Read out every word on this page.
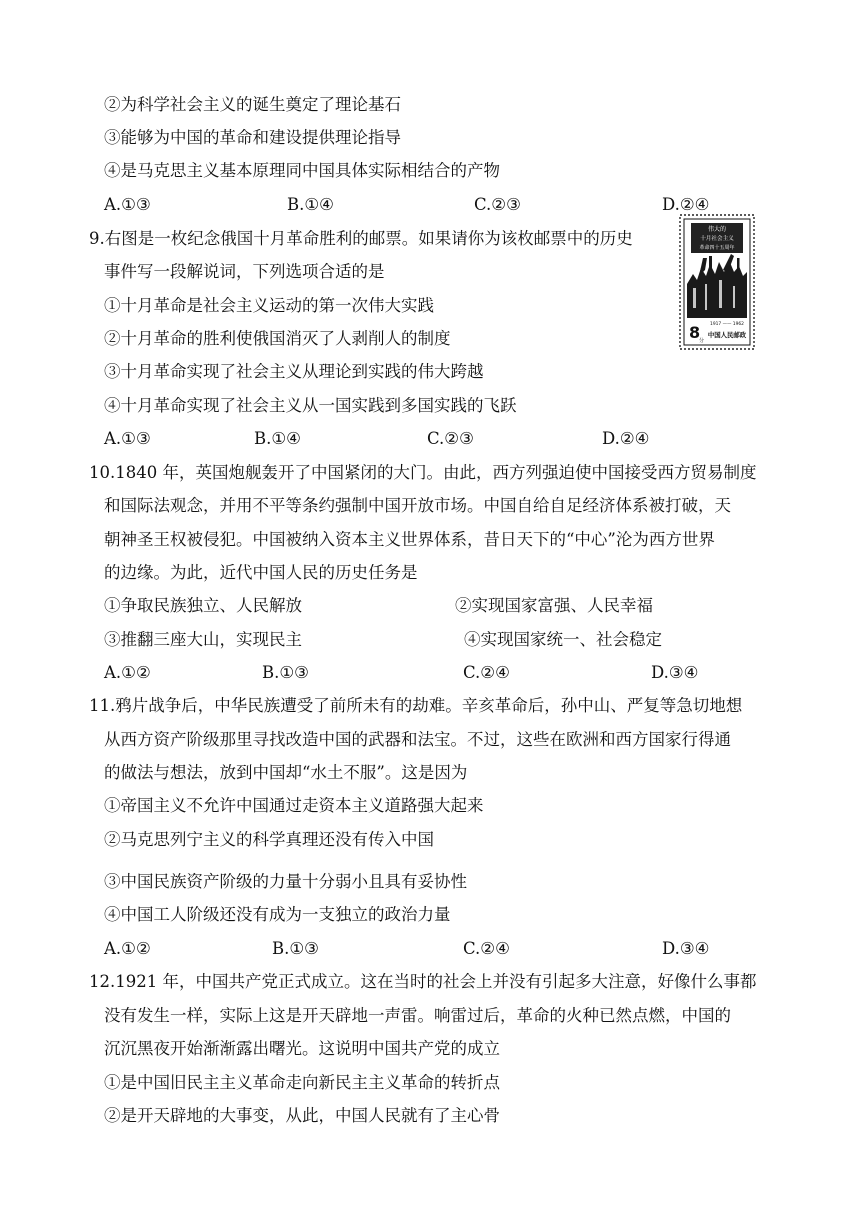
②为科学社会主义的诞生奠定了理论基石
③能够为中国的革命和建设提供理论指导
④是马克思主义基本原理同中国具体实际相结合的产物
A.①③	B.①④	C.②③	D.②④
9.右图是一枚纪念俄国十月革命胜利的邮票。如果请你为该枚邮票中的历史
事件写一段解说词，下列选项合适的是
①十月革命是社会主义运动的第一次伟大实践
②十月革命的胜利使俄国消灭了人剥削人的制度
③十月革命实现了社会主义从理论到实践的伟大跨越
④十月革命实现了社会主义从一国实践到多国实践的飞跃
A.①③	B.①④	C.②③	D.②④
伟大的
十月社会主义
革命四十五周年
8
分
1917 —— 1962
中国人民邮政
10.1840 年，英国炮舰轰开了中国紧闭的大门。由此，西方列强迫使中国接受西方贸易制度
和国际法观念，并用不平等条约强制中国开放市场。中国自给自足经济体系被打破，天
朝神圣王权被侵犯。中国被纳入资本主义世界体系，昔日天下的“中心”沦为西方世界
的边缘。为此，近代中国人民的历史任务是
①争取民族独立、人民解放	②实现国家富强、人民幸福
③推翻三座大山，实现民主	④实现国家统一、社会稳定
A.①②	B.①③	C.②④	D.③④
11.鸦片战争后，中华民族遭受了前所未有的劫难。辛亥革命后，孙中山、严复等急切地想
从西方资产阶级那里寻找改造中国的武器和法宝。不过，这些在欧洲和西方国家行得通
的做法与想法，放到中国却“水土不服”。这是因为
①帝国主义不允许中国通过走资本主义道路强大起来
②马克思列宁主义的科学真理还没有传入中国
③中国民族资产阶级的力量十分弱小且具有妥协性
④中国工人阶级还没有成为一支独立的政治力量
A.①②	B.①③	C.②④	D.③④
12.1921 年，中国共产党正式成立。这在当时的社会上并没有引起多大注意，好像什么事都
没有发生一样，实际上这是开天辟地一声雷。响雷过后，革命的火种已然点燃，中国的
沉沉黑夜开始渐渐露出曙光。这说明中国共产党的成立
①是中国旧民主主义革命走向新民主主义革命的转折点
②是开天辟地的大事变，从此，中国人民就有了主心骨
